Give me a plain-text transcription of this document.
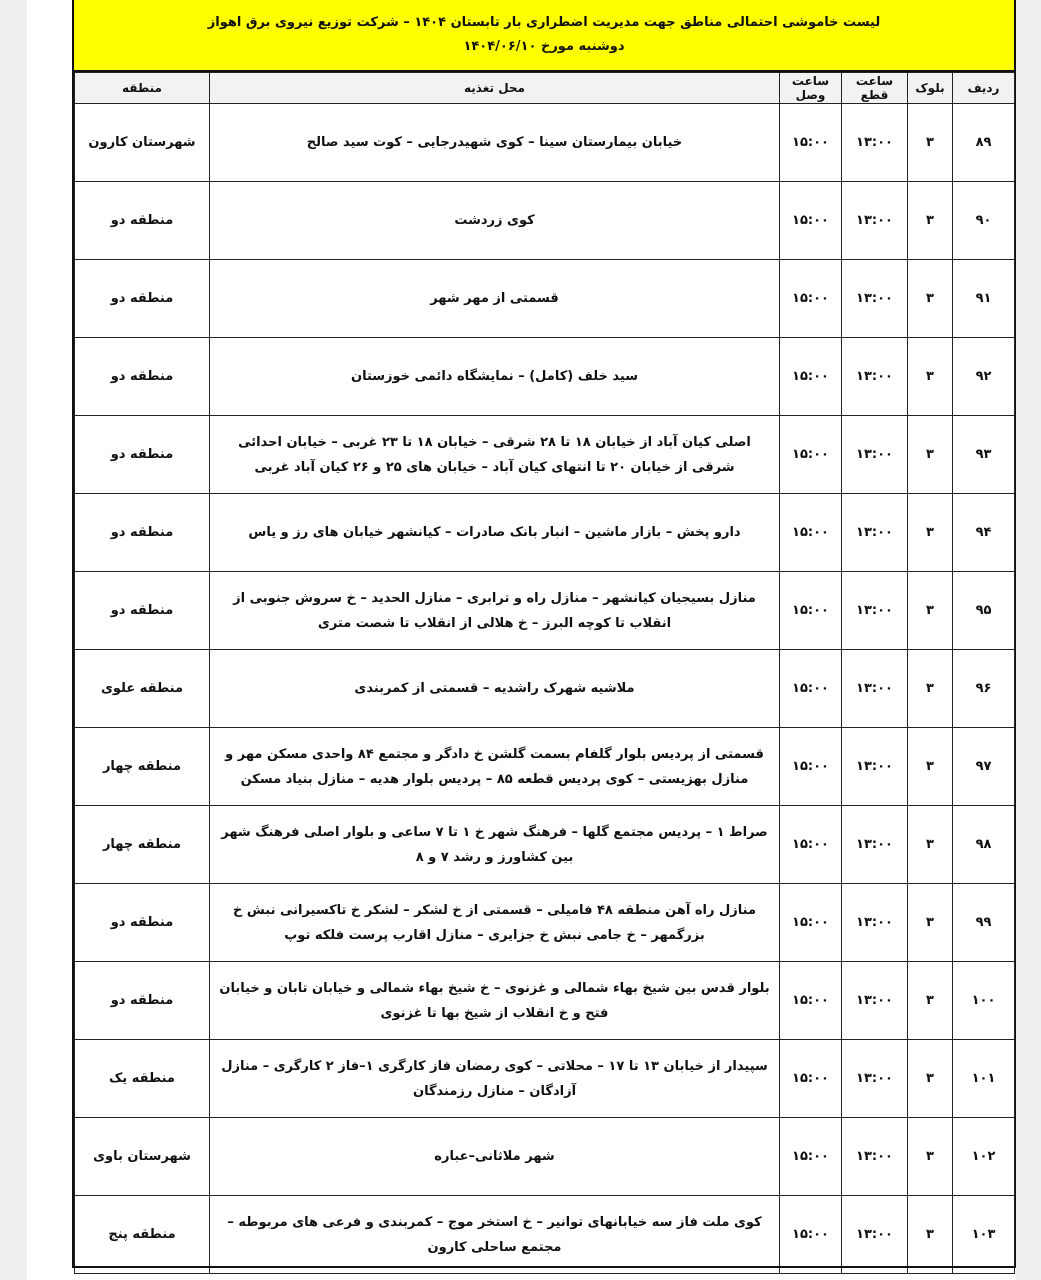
لیست خاموشی احتمالی مناطق جهت مدیریت اضطراری بار تابستان ۱۴۰۴ – شرکت توزیع نیروی برق اهواز
دوشنبه مورخ ۱۴۰۴/۰۶/۱۰
ردیف	بلوک	ساعت قطع	ساعت وصل	محل تغذیه	منطقه
۸۹	۳	۱۳:۰۰	۱۵:۰۰	خیابان بیمارستان سینا – کوی شهیدرجایی – کوت سید صالح	شهرستان کارون
۹۰	۳	۱۳:۰۰	۱۵:۰۰	کوی زردشت	منطقه دو
۹۱	۳	۱۳:۰۰	۱۵:۰۰	قسمتی از مهر شهر	منطقه دو
۹۲	۳	۱۳:۰۰	۱۵:۰۰	سید خلف (کامل) – نمایشگاه دائمی خوزستان	منطقه دو
۹۳	۳	۱۳:۰۰	۱۵:۰۰	اصلی کیان آباد از خیابان ۱۸ تا ۲۸ شرقی – خیابان ۱۸ تا ۲۳ غربی – خیابان احدائی شرقی از خیابان ۲۰ تا انتهای کیان آباد – خیابان های ۲۵ و ۲۶ کیان آباد غربی	منطقه دو
۹۴	۳	۱۳:۰۰	۱۵:۰۰	دارو پخش – بازار ماشین – انبار بانک صادرات – کیانشهر خیابان های رز و یاس	منطقه دو
۹۵	۳	۱۳:۰۰	۱۵:۰۰	منازل بسیجیان کیانشهر – منازل راه و ترابری – منازل الحدید – خ سروش جنوبی از انقلاب تا کوچه البرز – خ هلالی از انقلاب تا شصت متری	منطقه دو
۹۶	۳	۱۳:۰۰	۱۵:۰۰	ملاشیه شهرک راشدیه – قسمتی از کمربندی	منطقه علوی
۹۷	۳	۱۳:۰۰	۱۵:۰۰	قسمتی از پردیس بلوار گلفام بسمت گلشن خ دادگر و مجتمع ۸۴ واحدی مسکن مهر و منازل بهزیستی – کوی پردیس قطعه ۸۵ – پردیس بلوار هدیه – منازل بنیاد مسکن	منطقه چهار
۹۸	۳	۱۳:۰۰	۱۵:۰۰	صراط ۱ – پردیس مجتمع گلها – فرهنگ شهر خ ۱ تا ۷ ساعی و بلوار اصلی فرهنگ شهر بین کشاورز و رشد ۷ و ۸	منطقه چهار
۹۹	۳	۱۳:۰۰	۱۵:۰۰	منازل راه آهن منطقه ۴۸ فامیلی – قسمتی از خ لشکر – لشکر خ تاکسیرانی نبش خ بزرگمهر – خ جامی نبش خ جزایری – منازل اقارب پرست فلکه توپ	منطقه دو
۱۰۰	۳	۱۳:۰۰	۱۵:۰۰	بلوار قدس بین شیخ بهاء شمالی و غزنوی – خ شیخ بهاء شمالی و خیابان تابان و خیابان فتح و خ انقلاب از شیخ بها تا غزنوی	منطقه دو
۱۰۱	۳	۱۳:۰۰	۱۵:۰۰	سپیدار از خیابان ۱۳ تا ۱۷ – محلاتی – کوی رمضان فاز کارگری ۱–فاز ۲ کارگری – منازل آزادگان – منازل رزمندگان	منطقه یک
۱۰۲	۳	۱۳:۰۰	۱۵:۰۰	شهر ملاثانی–عباره	شهرستان باوی
۱۰۳	۳	۱۳:۰۰	۱۵:۰۰	کوی ملت فاز سه خیابانهای توانیر – خ استخر موج – کمربندی و فرعی های مربوطه – مجتمع ساحلی کارون	منطقه پنج
